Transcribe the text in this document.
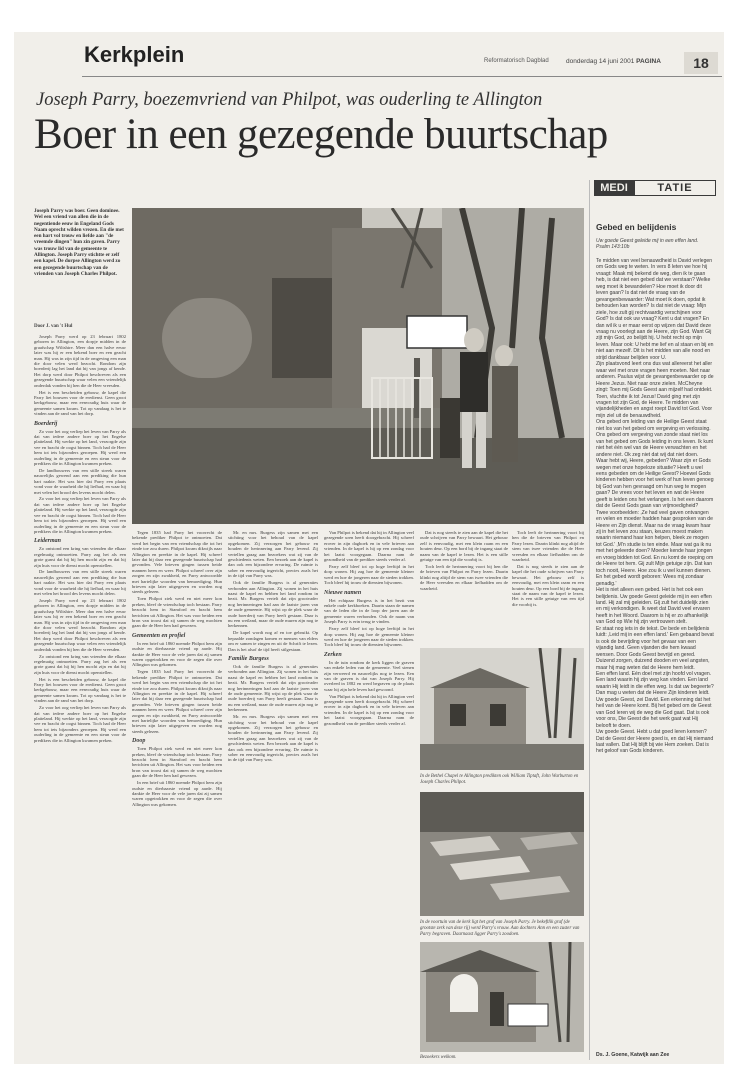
Kerkplein	Reformatorisch Dagblad	donderdag 14 juni 2001 PAGINA	18
Joseph Parry, boezemvriend van Philpot, was ouderling te Allington
Boer in een gezegende buurtschap
MEDI	TATIE
Joseph Parry was boer. Geen dominee. Wel een vriend van allen die in de negentiende eeuw in Engeland Gods Naam oprecht wilden vrezen. En die met een hart vol trouw en liefde aan "de vreemde dingen" hun zin gaven. Parry was trouw lid van de gemeente te Allington. Joseph Parry stichtte er zelf een kapel. De dorpse Allington werd zo een gezegende buurtschap van de vrienden van Joseph Charles Philpot.
Door J. van 't Hul

Joseph Parry werd op 23 februari 1802 geboren in Allington, een dorpje midden in de graafschap Wiltshire. Meer dan een halve eeuw later was hij er een bekend boer en een geacht man. Hij was in zijn tijd in de omgeving een man die door velen werd bezocht. Rondom zijn boerderij lag het land dat hij van jongs af kende. Het dorp werd door Philpot beschreven als een gezegende buurtschap waar velen een vriendelijk onderdak vonden bij hen die de Heer vreesden.

Het is een bescheiden gebouw, de kapel die Parry liet bouwen voor de eredienst. Geen groot kerkgebouw, maar een eenvoudig huis waar de gemeente samen kwam. Tot op vandaag is het te vinden aan de rand van het dorp.

Boerderij

Zo voor het oog verliep het leven van Parry als dat van iedere andere boer op het Engelse platteland. Hij werkte op het land, verzorgde zijn vee en bracht de oogst binnen. Toch had de Heer hem tot iets bijzonders geroepen. Hij werd een ouderling in de gemeente en een steun voor de predikers die in Allington kwamen preken.

De landbouwers van een stille streek waren nauwelijks gewend aan een prediking die hun hart raakte. Het was hier dat Parry een plaats vond voor de waarheid die hij liefhad, en waar hij met velen het brood des levens mocht delen.

Zo voor het oog verliep het leven van Parry als dat van iedere andere boer op het Engelse platteland. Hij werkte op het land, verzorgde zijn vee en bracht de oogst binnen. Toch had de Heer hem tot iets bijzonders geroepen. Hij werd een ouderling in de gemeente en een steun voor de predikers die in Allington kwamen preken.

Leiderman

Zo ontstond een kring van vrienden die elkaar regelmatig ontmoetten. Parry zag het als een grote gunst dat hij bij hen mocht zijn en dat hij zijn huis voor de dienst mocht openstellen.

De landbouwers van een stille streek waren nauwelijks gewend aan een prediking die hun hart raakte. Het was hier dat Parry een plaats vond voor de waarheid die hij liefhad, en waar hij met velen het brood des levens mocht delen.

Joseph Parry werd op 23 februari 1802 geboren in Allington, een dorpje midden in de graafschap Wiltshire. Meer dan een halve eeuw later was hij er een bekend boer en een geacht man. Hij was in zijn tijd in de omgeving een man die door velen werd bezocht. Rondom zijn boerderij lag het land dat hij van jongs af kende. Het dorp werd door Philpot beschreven als een gezegende buurtschap waar velen een vriendelijk onderdak vonden bij hen die de Heer vreesden.

Zo ontstond een kring van vrienden die elkaar regelmatig ontmoetten. Parry zag het als een grote gunst dat hij bij hen mocht zijn en dat hij zijn huis voor de dienst mocht openstellen.

Het is een bescheiden gebouw, de kapel die Parry liet bouwen voor de eredienst. Geen groot kerkgebouw, maar een eenvoudig huis waar de gemeente samen kwam. Tot op vandaag is het te vinden aan de rand van het dorp.

Zo voor het oog verliep het leven van Parry als dat van iedere andere boer op het Engelse platteland. Hij werkte op het land, verzorgde zijn vee en bracht de oogst binnen. Toch had de Heer hem tot iets bijzonders geroepen. Hij werd een ouderling in de gemeente en een steun voor de predikers die in Allington kwamen preken.

Tegen 1835 had Parry het voorrecht de bekende prediker Philpot te ontmoeten. Dat werd het begin van een vriendschap die tot het einde toe zou duren. Philpot kwam dikwijls naar Allington en preekte in de kapel. Hij schreef later dat hij daar een gezegende buurtschap had gevonden. Vele brieven gingen tussen beide mannen heen en weer. Philpot schreef over zijn zorgen en zijn zwakheid, en Parry antwoordde met hartelijke woorden van bemoediging. Hun brieven zijn later uitgegeven en worden nog steeds gelezen.

Toen Philpot ziek werd en niet meer kon preken, bleef de vriendschap toch bestaan. Parry bezocht hem in Stamford en bracht hem berichten uit Allington. Het was voor beiden een bron van troost dat zij samen de weg mochten gaan die de Heer hen had gewezen.

Gemeenten en profiel

In een brief uit 1860 noemde Philpot hem zijn oudste en dierbaarste vriend op aarde. Hij dankte de Heer voor de vele jaren dat zij samen waren opgetrokken en voor de zegen die over Allington was gekomen.

Tegen 1835 had Parry het voorrecht de bekende prediker Philpot te ontmoeten. Dat werd het begin van een vriendschap die tot het einde toe zou duren. Philpot kwam dikwijls naar Allington en preekte in de kapel. Hij schreef later dat hij daar een gezegende buurtschap had gevonden. Vele brieven gingen tussen beide mannen heen en weer. Philpot schreef over zijn zorgen en zijn zwakheid, en Parry antwoordde met hartelijke woorden van bemoediging. Hun brieven zijn later uitgegeven en worden nog steeds gelezen.

Doop

Toen Philpot ziek werd en niet meer kon preken, bleef de vriendschap toch bestaan. Parry bezocht hem in Stamford en bracht hem berichten uit Allington. Het was voor beiden een bron van troost dat zij samen de weg mochten gaan die de Heer hen had gewezen.

In een brief uit 1860 noemde Philpot hem zijn oudste en dierbaarste vriend op aarde. Hij dankte de Heer voor de vele jaren dat zij samen waren opgetrokken en voor de zegen die over Allington was gekomen.

Mr. en mrs. Burgess zijn samen met een stichting voor het behoud van de kapel opgekomen. Zij verzorgen het gebouw en houden de herinnering aan Parry levend. Zij vertellen graag aan bezoekers wat zij van de geschiedenis weten. Een bezoek aan de kapel is dan ook een bijzondere ervaring. De ruimte is sober en eenvoudig ingericht, precies zoals het in de tijd van Parry was.

Ook de familie Burgess is al generaties verbonden aan Allington. Zij wonen in het huis naast de kapel en hebben het land rondom in bezit. Mr. Burgess vertelt dat zijn grootvader nog herinneringen had aan de laatste jaren van de oude gemeente. Hij wijst op de plek waar de oude boerderij van Parry heeft gestaan. Daar is nu een weiland, maar de oude muren zijn nog te herkennen.

De kapel wordt nog af en toe gebruikt. Op bepaalde zondagen komen er mensen van elders om er samen te zingen en uit de Schrift te lezen. Dan is het alsof de tijd heeft stilgestaan.

Familie Burgess

Ook de familie Burgess is al generaties verbonden aan Allington. Zij wonen in het huis naast de kapel en hebben het land rondom in bezit. Mr. Burgess vertelt dat zijn grootvader nog herinneringen had aan de laatste jaren van de oude gemeente. Hij wijst op de plek waar de oude boerderij van Parry heeft gestaan. Daar is nu een weiland, maar de oude muren zijn nog te herkennen.

Mr. en mrs. Burgess zijn samen met een stichting voor het behoud van de kapel opgekomen. Zij verzorgen het gebouw en houden de herinnering aan Parry levend. Zij vertellen graag aan bezoekers wat zij van de geschiedenis weten. Een bezoek aan de kapel is dan ook een bijzondere ervaring. De ruimte is sober en eenvoudig ingericht, precies zoals het in de tijd van Parry was.

Van Philpot is bekend dat hij in Allington veel gezegende uren heeft doorgebracht. Hij schreef erover in zijn dagboek en in vele brieven aan vrienden. In de kapel is hij op een zondag voor het laatst voorgegaan. Daarna nam de gezondheid van de prediker steeds verder af.

Parry zelf bleef tot op hoge leeftijd in het dorp wonen. Hij zag hoe de gemeente kleiner werd en hoe de jongeren naar de steden trokken. Toch bleef hij trouw de diensten bijwonen.

Nieuwe namen

Het echtpaar Burgess is in het bezit van enkele oude kerkboeken. Daarin staan de namen van de leden die in de loop der jaren aan de gemeente waren verbonden. Ook de naam van Joseph Parry is erin terug te vinden.

Parry zelf bleef tot op hoge leeftijd in het dorp wonen. Hij zag hoe de gemeente kleiner werd en hoe de jongeren naar de steden trokken. Toch bleef hij trouw de diensten bijwonen.

Zerken

In de tuin rondom de kerk liggen de graven van enkele leden van de gemeente. Veel stenen zijn verweerd en nauwelijks nog te lezen. Een van de graven is dat van Joseph Parry. Hij overleed in 1882 en werd begraven op de plaats waar hij zijn hele leven had gewoond.

Van Philpot is bekend dat hij in Allington veel gezegende uren heeft doorgebracht. Hij schreef erover in zijn dagboek en in vele brieven aan vrienden. In de kapel is hij op een zondag voor het laatst voorgegaan. Daarna nam de gezondheid van de prediker steeds verder af.

Dat is nog steeds te zien aan de kapel die het oude schrijven van Parry bewaart. Het gebouw zelf is eenvoudig, met een klein raam en een houten deur. Op een bord bij de ingang staat de naam van de kapel te lezen. Het is een stille getuige van een tijd die voorbij is.

Toch leeft de herinnering voort bij hen die de brieven van Philpot en Parry lezen. Daarin klinkt nog altijd de stem van twee vrienden die de Heer vreesden en elkaar liefhadden om de waarheid.

Toch leeft de herinnering voort bij hen die de brieven van Philpot en Parry lezen. Daarin klinkt nog altijd de stem van twee vrienden die de Heer vreesden en elkaar liefhadden om de waarheid.

Dat is nog steeds te zien aan de kapel die het oude schrijven van Parry bewaart. Het gebouw zelf is eenvoudig, met een klein raam en een houten deur. Op een bord bij de ingang staat de naam van de kapel te lezen. Het is een stille getuige van een tijd die voorbij is.

In de Bethel Chapel te Allington predikten ook William Tiptaft, John Warburton en Joseph Charles Philpot.
In de voortuin van de kerk ligt het graf van Joseph Parry. Je bekeftlik graf (de grootste zerk van deze rij) werd Parry's vrouw. Aan dochters Ann en een zuster van Parry begraven. Daarnaast ligger Parry's zoodoen.
Bezoekers welkom.
Gebed en belijdenis
Uw goede Geest geleide mij in een effen land.
Psalm 143:10b

Te midden van veel benauwdheid is David verlegen om Gods weg te weten. In vers 8 leten we hoe hij vraagt: Maak mij bekend de weg, dien ik te gaan heb, is dat niet een gebed dat we verstaan? Welke weg moet ik bewandelen? Hoe moet ik door dit leven gaan? Is dat niet de vraag van de gevangenbewaarder: Wat moet ik doen, opdat ik behouden kan worden? Is dat niet de vraag: Mijn ziele, hoe zult gij rechtvaardig verschijnen voor God? Is dat ook uw vraag? Kent u dat vragen? En dan wil ik u er maar eerst op wijzen dat David deze vraag nu voorlegt aan de Heere, zijn God. Want Gij zijt mijn God, zo belijdt hij. U hebt recht op mijn leven. Maar ook: U hebt me lief en al staan en bij en niet aan mezelf. Dit is het midden van alle nood en strijd dankbaar belijden voor U.

Zijn plaatsvond leert ons dus wat allereerst het aller waar wel met onze vragen heen moeten. Niet naar anderen. Paulus wijst de gevangenbewaarder op de Heere Jezus. Niet naar onze zielen. McCheyne zingt: Toen mij Gods Geest aan mijzelf had ontdekt. Toen, vluchtte ik tot Jezus! David ging met zijn vragen tot zijn God, de Heere. Te midden van vijandelijkheden en angst roept David tot God. Voor mijn ziel uit de benauwdheid.

Ons gebed om leiding van de Heilige Geest staat niet los van het gebed om vergeving en verlossing. Ons gebed om vergeving van zonde staat niet los van het gebed om Gods leiding in ons leven. Ik kunt niet het één wel van de Heere verwachten en het andere niet. Ok zeg niet dat wij dat niet doen.

Waar hebt wij, Heere, gebeden? Waar zijn er Gods wegen met onze hopeloze situatie? Heeft u wel eens gebeden om de Heilige Geest? Hoewel Gods kinderen hebben voor het werk of hun leven genoeg bij God van hen gevraagd om hun weg te mogen gaan? De vrees voor het leven en wat de Heere geeft is leiden ons het verlangen. Is het een daarom dat de Geest Gods gaan van vrijmoedigheid?

Twee voorbeelden: ‚Ze had veel gaven ontvangen en velen en moeder hadden haar gesproken van de Heere en Zijn dienst. Maar na de vraag kwam haar zij in het leven zou staan, keuzes moest maken waarin niemand haar kon helpen, bleek ze mogen tot God.' ‚M'n studie is ten einde. Maar wat ga ik nu met het geleerde doen? Moeder kende haar jongen en vroeg bidden tot God. En nu komt de roeping om de Heere tot hem. Gij zult Mijn getuige zijn. Dat kan toch nooit, Heere. Hoe zou ik u wel kunnen dienen. En het gebed wordt geboren: Wees mij zondaar genadig.'

Het is niet alleen een gebed. Het is het ook een belijdenis. Uw goede Geest geleide mij in een effen land. Hij zal mij geleiden. Gij zult het duidelijk zien en mij verkondigen. Ik weet dat David veel ervaren heeft in het Woord. Daarom is hij er zo afhankelijk van God op Wie hij zijn vertrouwen stelt.

Er staat nog iets in de tekst. De bede en belijdenis luidt: ‚Leid mij in een effen land.' Een gebaand bevat is ook de bevrijding voor het gevaar van een vijandig land. Geen vijanden die hem kwaad wensen. Door Gods Geest bevrijd en gered. Duizend zorgen, duizend dooden en veel angsten, maar hij mag weten dat de Heere hem leidt.

Een effen land. Eén doel met zijn hoofd vol vragen. Een land waarin hij zijn weg kan vinden. Een land waarin Hij leidt in die effen weg. Is dat uw begeerte? Dan mag u weten dat de Heere Zijn kinderen leidt.

Uw goede Geest, zei David. Een erkenning dat het heil van de Heere komt. Bij het gebed om de Geest van God leren wij de weg die God gaat. Dat is ook voor ons, Die Geest die het werk gaat wat Hij belooft te doen.

Uw goede Geest. Hebt u dat goed leren kennen? Dat de Geest der Heere goed is, en dat Hij niemand laat vallen. Dat Hij blijft bij wie Hem zoeken. Dat is het geloof van Gods kinderen.

Ds. J. Goene, Katwijk aan Zee
